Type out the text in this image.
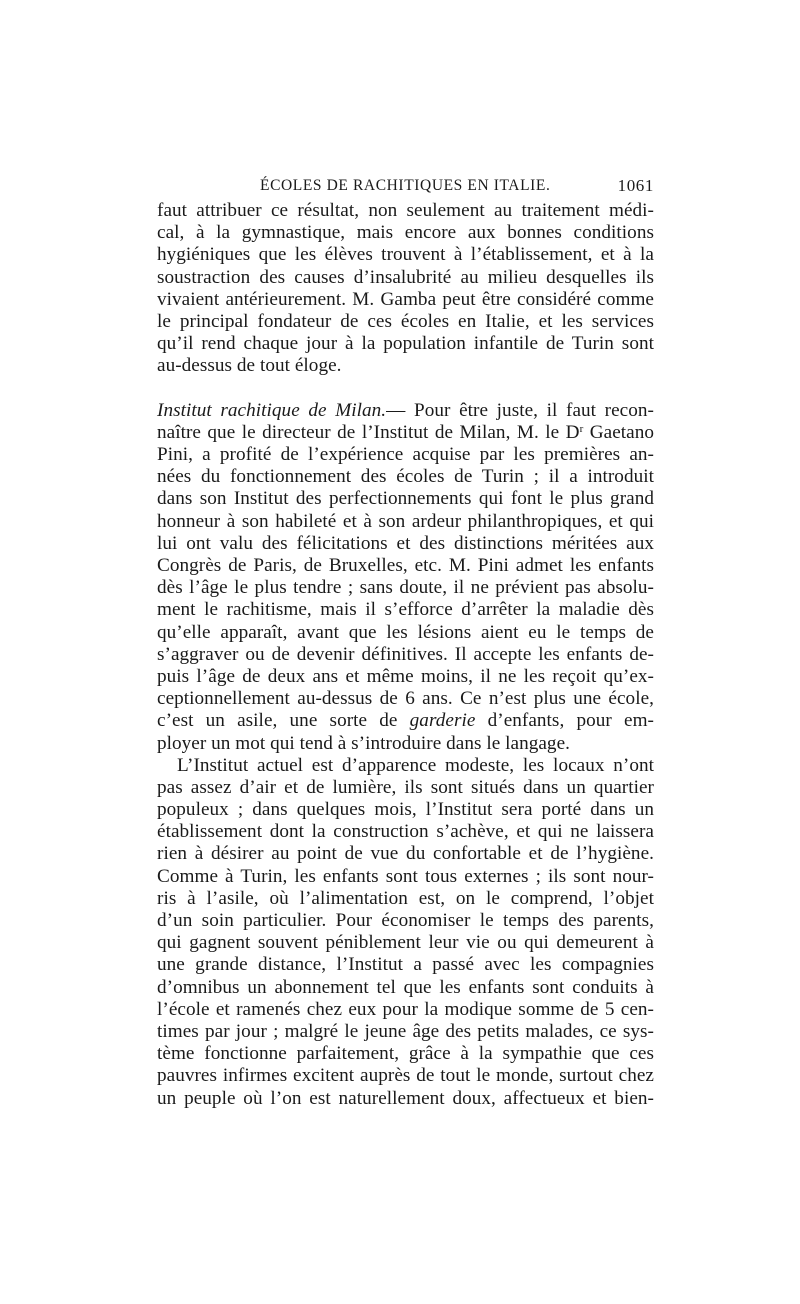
ÉCOLES DE RACHITIQUES EN ITALIE.	1061
faut attribuer ce résultat, non seulement au traitement médi-
cal, à la gymnastique, mais encore aux bonnes conditions
hygiéniques que les élèves trouvent à l’établissement, et à la
soustraction des causes d’insalubrité au milieu desquelles ils
vivaient antérieurement. M. Gamba peut être considéré comme
le principal fondateur de ces écoles en Italie, et les services
qu’il rend chaque jour à la population infantile de Turin sont
au-dessus de tout éloge.
Institut rachitique de Milan.— Pour être juste, il faut recon-
naître que le directeur de l’Institut de Milan, M. le $D^r$ Gaetano
Pini, a profité de l’expérience acquise par les premières an-
nées du fonctionnement des écoles de Turin ; il a introduit
dans son Institut des perfectionnements qui font le plus grand
honneur à son habileté et à son ardeur philanthropiques, et qui
lui ont valu des félicitations et des distinctions méritées aux
Congrès de Paris, de Bruxelles, etc. M. Pini admet les enfants
dès l’âge le plus tendre ; sans doute, il ne prévient pas absolu-
ment le rachitisme, mais il s’efforce d’arrêter la maladie dès
qu’elle apparaît, avant que les lésions aient eu le temps de
s’aggraver ou de devenir définitives. Il accepte les enfants de-
puis l’âge de deux ans et même moins, il ne les reçoit qu’ex-
ceptionnellement au-dessus de 6 ans. Ce n’est plus une école,
c’est un asile, une sorte de garderie d’enfants, pour em-
ployer un mot qui tend à s’introduire dans le langage.
L’Institut actuel est d’apparence modeste, les locaux n’ont
pas assez d’air et de lumière, ils sont situés dans un quartier
populeux ; dans quelques mois, l’Institut sera porté dans un
établissement dont la construction s’achève, et qui ne laissera
rien à désirer au point de vue du confortable et de l’hygiène.
Comme à Turin, les enfants sont tous externes ; ils sont nour-
ris à l’asile, où l’alimentation est, on le comprend, l’objet
d’un soin particulier. Pour économiser le temps des parents,
qui gagnent souvent péniblement leur vie ou qui demeurent à
une grande distance, l’Institut a passé avec les compagnies
d’omnibus un abonnement tel que les enfants sont conduits à
l’école et ramenés chez eux pour la modique somme de 5 cen-
times par jour ; malgré le jeune âge des petits malades, ce sys-
tème fonctionne parfaitement, grâce à la sympathie que ces
pauvres infirmes excitent auprès de tout le monde, surtout chez
un peuple où l’on est naturellement doux, affectueux et bien-
